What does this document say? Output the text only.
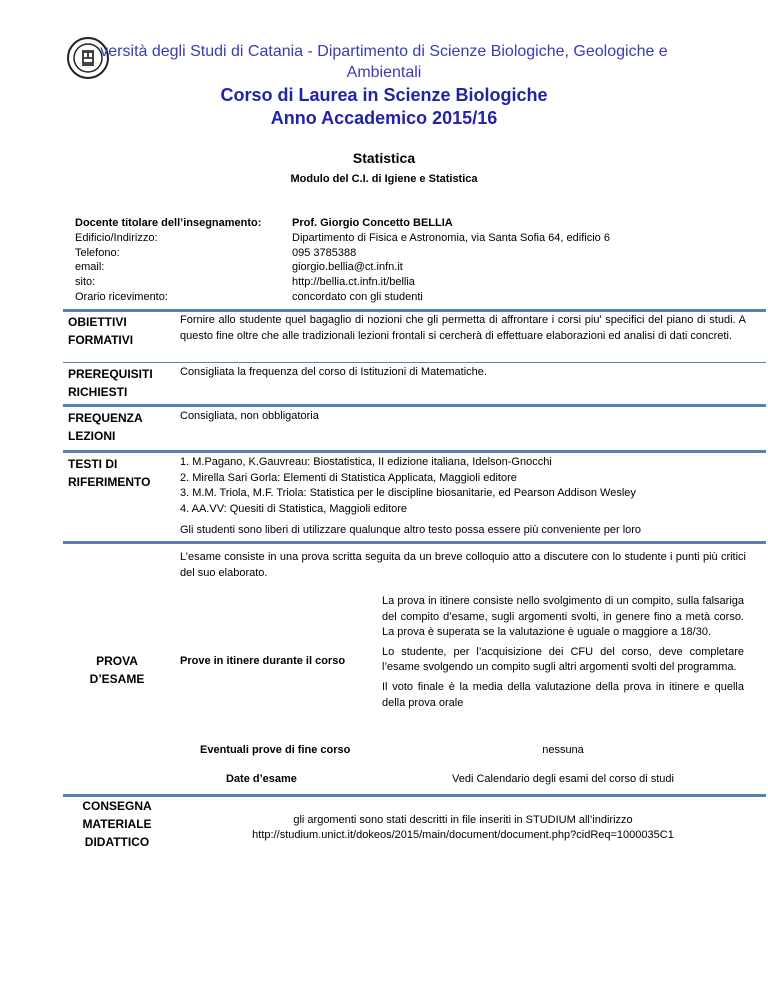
versità degli Studi di Catania - Dipartimento di Scienze Biologiche, Geologiche e
Ambientali
Corso di Laurea in Scienze Biologiche
Anno Accademico 2015/16
Statistica
Modulo del C.I. di Igiene e Statistica
Docente titolare dell’insegnamento:
Edificio/Indirizzo:
Telefono:
email:
sito:
Orario ricevimento:
Prof. Giorgio Concetto BELLIA
Dipartimento di Fisica e Astronomia, via Santa Sofia 64, edificio 6
095 3785388
giorgio.bellia@ct.infn.it
http://bellia.ct.infn.it/bellia
concordato con gli studenti
OBIETTIVI
FORMATIVI
Fornire allo studente quel bagaglio di nozioni che gli permetta di affrontare i corsi piu' specifici del piano di studi. A questo fine oltre che alle tradizionali lezioni frontali si cercherà di effettuare elaborazioni ed analisi di dati concreti.
PREREQUISITI
RICHIESTI
Consigliata la frequenza del corso di Istituzioni di Matematiche.
FREQUENZA
LEZIONI
Consigliata, non obbligatoria
TESTI DI
RIFERIMENTO
1. M.Pagano, K.Gauvreau: Biostatistica, II edizione italiana, Idelson-Gnocchi
2. Mirella Sari Gorla: Elementi di Statistica Applicata, Maggioli editore
3. M.M. Triola, M.F. Triola: Statistica per le discipline biosanitarie, ed Pearson Addison Wesley
4. AA.VV: Quesiti di Statistica, Maggioli editore
Gli studenti sono liberi di utilizzare qualunque altro testo possa essere più conveniente per loro
L’esame consiste in una prova scritta seguita da un breve colloquio atto a discutere con lo studente i punti più critici del suo elaborato.
PROVA
D’ESAME
Prove in itinere durante il corso
La prova in itinere consiste nello svolgimento di un compito, sulla falsariga del compito d’esame, sugli argomenti svolti, in genere fino a metà corso. La prova è superata se la valutazione è uguale o maggiore a 18/30.
Lo studente, per l’acquisizione dei CFU del corso, deve completare l’esame svolgendo un compito sugli altri argomenti svolti del programma.
Il voto finale è la media della valutazione della prova in itinere e quella della prova orale
Eventuali prove di fine corso	nessuna
Date d’esame	Vedi Calendario degli esami del corso di studi
CONSEGNA
MATERIALE
DIDATTICO
gli argomenti sono stati descritti in file inseriti in STUDIUM all’indirizzo
http://studium.unict.it/dokeos/2015/main/document/document.php?cidReq=1000035C1
